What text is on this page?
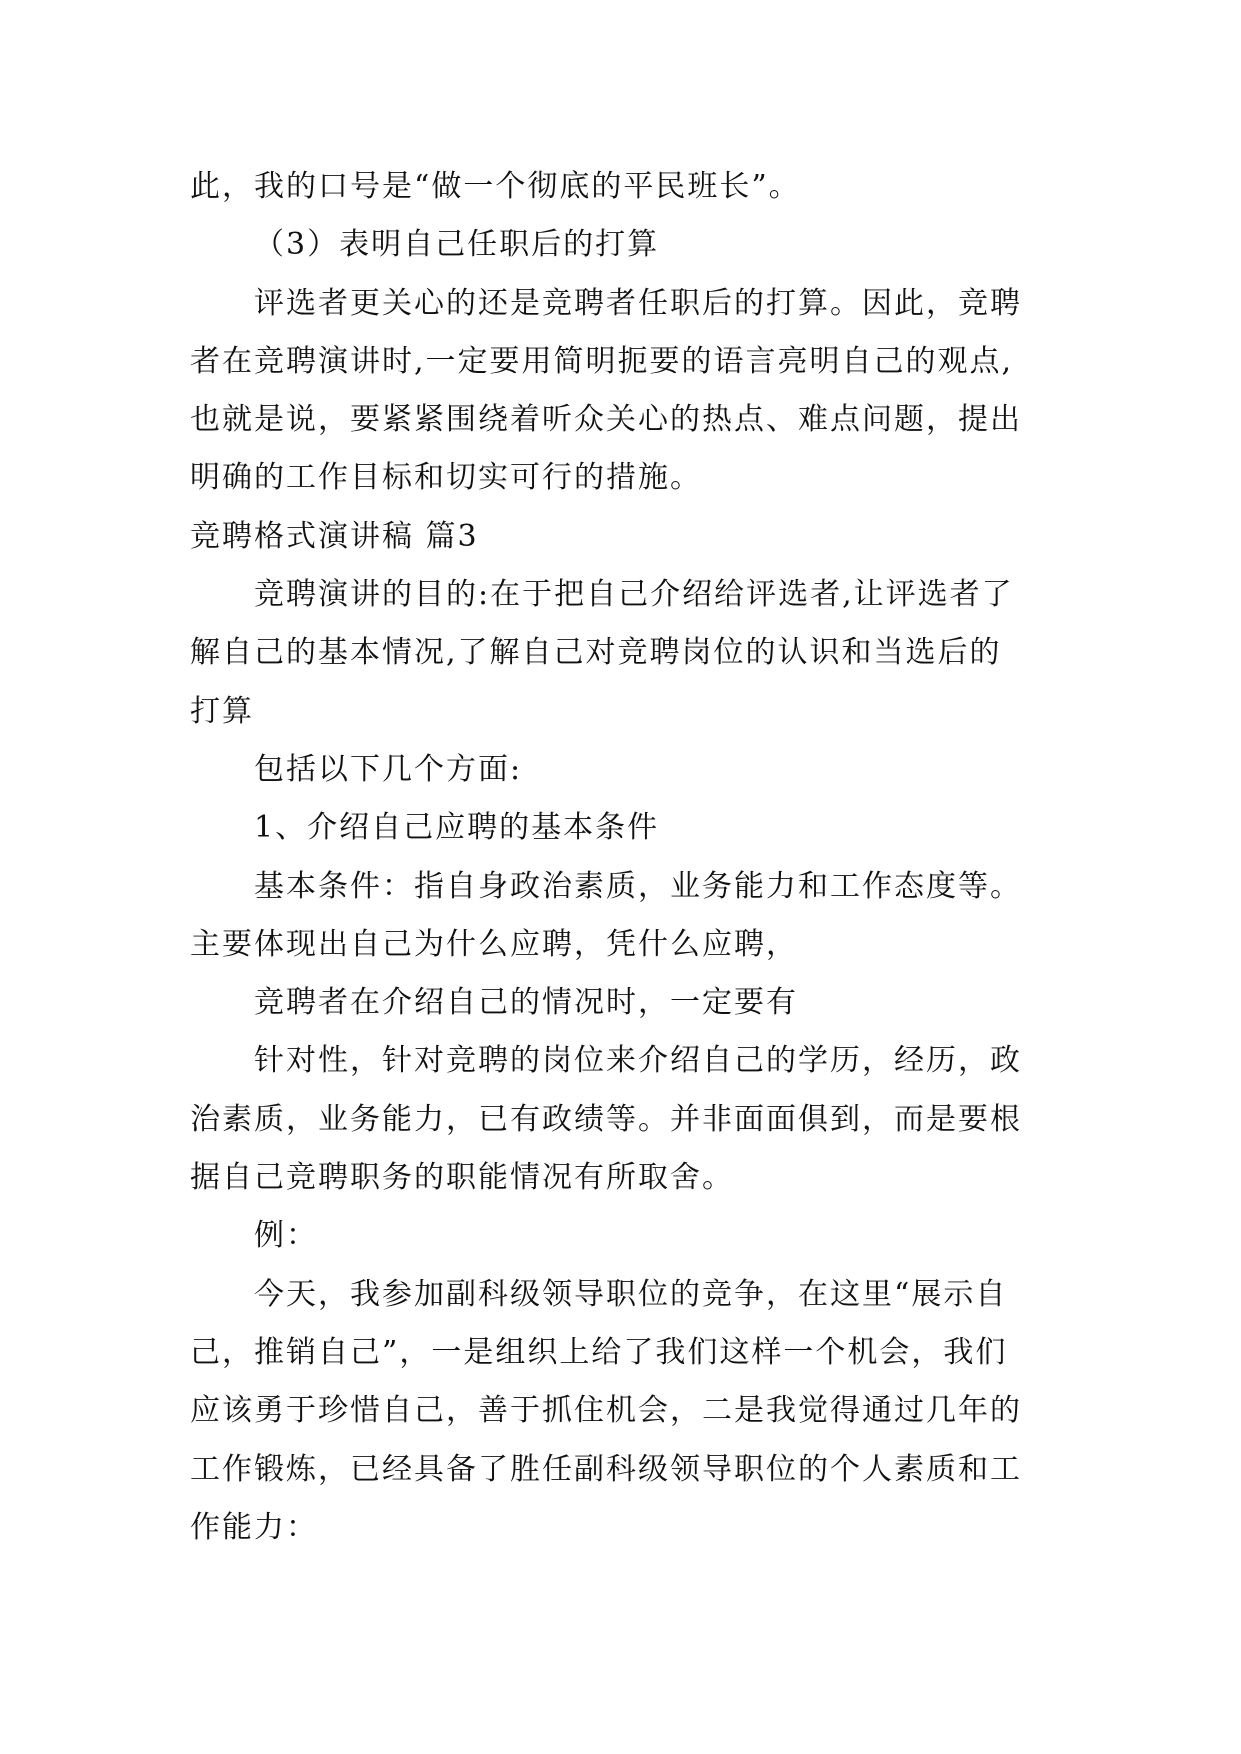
此，我的口号是“做一个彻底的平民班长”。
（3）表明自己任职后的打算
评选者更关心的还是竞聘者任职后的打算。因此，竞聘
者在竞聘演讲时,一定要用简明扼要的语言亮明自己的观点,
也就是说，要紧紧围绕着听众关心的热点、难点问题，提出
明确的工作目标和切实可行的措施。
竞聘格式演讲稿 篇3
竞聘演讲的目的:在于把自己介绍给评选者,让评选者了
解自己的基本情况,了解自己对竞聘岗位的认识和当选后的
打算
包括以下几个方面:
1、介绍自己应聘的基本条件
基本条件：指自身政治素质，业务能力和工作态度等。
主要体现出自己为什么应聘，凭什么应聘，
竞聘者在介绍自己的情况时，一定要有
针对性，针对竞聘的岗位来介绍自己的学历，经历，政
治素质，业务能力，已有政绩等。并非面面俱到，而是要根
据自己竞聘职务的职能情况有所取舍。
例：
今天，我参加副科级领导职位的竞争，在这里“展示自
己，推销自己”，一是组织上给了我们这样一个机会，我们
应该勇于珍惜自己，善于抓住机会，二是我觉得通过几年的
工作锻炼，已经具备了胜任副科级领导职位的个人素质和工
作能力：
